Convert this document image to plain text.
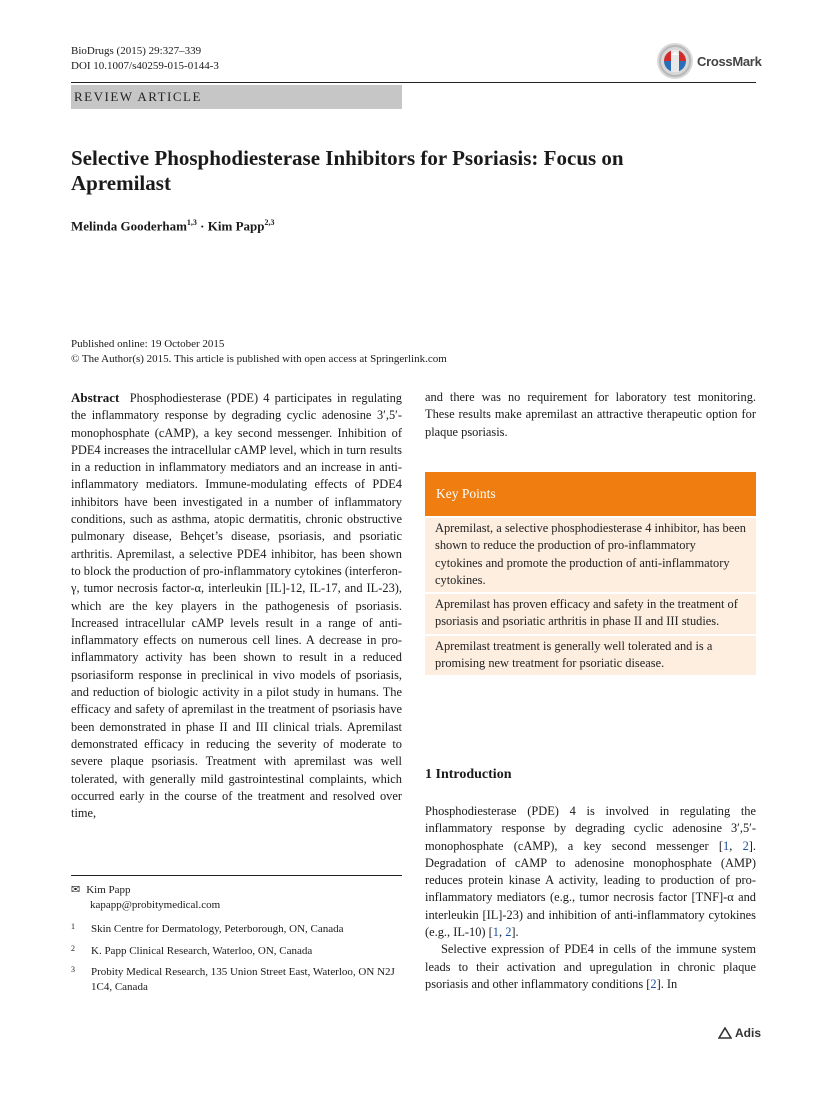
BioDrugs (2015) 29:327–339
DOI 10.1007/s40259-015-0144-3	CrossMark
REVIEW ARTICLE
Selective Phosphodiesterase Inhibitors for Psoriasis: Focus on Apremilast
Melinda Gooderham$^{1,3}$ · Kim Papp$^{2,3}$
Published online: 19 October 2015
© The Author(s) 2015. This article is published with open access at Springerlink.com

Abstract Phosphodiesterase (PDE) 4 participates in regulating the inflammatory response by degrading cyclic adenosine 3′,5′-monophosphate (cAMP), a key second messenger. Inhibition of PDE4 increases the intracellular cAMP level, which in turn results in a reduction in inflammatory mediators and an increase in anti-inflammatory mediators. Immune-modulating effects of PDE4 inhibitors have been investigated in a number of inflammatory conditions, such as asthma, atopic dermatitis, chronic obstructive pulmonary disease, Behçet’s disease, psoriasis, and psoriatic arthritis. Apremilast, a selective PDE4 inhibitor, has been shown to block the production of pro-inflammatory cytokines (interferon-γ, tumor necrosis factor-α, interleukin [IL]-12, IL-17, and IL-23), which are the key players in the pathogenesis of psoriasis. Increased intracellular cAMP levels result in a range of anti-inflammatory effects on numerous cell lines. A decrease in pro-inflammatory activity has been shown to result in a reduced psoriasiform response in preclinical in vivo models of psoriasis, and reduction of biologic activity in a pilot study in humans. The efficacy and safety of apremilast in the treatment of psoriasis have been demonstrated in phase II and III clinical trials. Apremilast demonstrated efficacy in reducing the severity of moderate to severe plaque psoriasis. Treatment with apremilast was well tolerated, with generally mild gastrointestinal complaints, which occurred early in the course of the treatment and resolved over time,

✉ Kim Papp
kapapp@probitymedical.com
1	Skin Centre for Dermatology, Peterborough, ON, Canada
2	K. Papp Clinical Research, Waterloo, ON, Canada
3	Probity Medical Research, 135 Union Street East, Waterloo, ON N2J 1C4, Canada

and there was no requirement for laboratory test monitoring. These results make apremilast an attractive therapeutic option for plaque psoriasis.

Key Points
Apremilast, a selective phosphodiesterase 4 inhibitor, has been shown to reduce the production of pro-inflammatory cytokines and promote the production of anti-inflammatory cytokines.
Apremilast has proven efficacy and safety in the treatment of psoriasis and psoriatic arthritis in phase II and III studies.
Apremilast treatment is generally well tolerated and is a promising new treatment for psoriatic disease.
1 Introduction

Phosphodiesterase (PDE) 4 is involved in regulating the inflammatory response by degrading cyclic adenosine 3′,5′-monophosphate (cAMP), a key second messenger [1, 2]. Degradation of cAMP to adenosine monophosphate (AMP) reduces protein kinase A activity, leading to production of pro-inflammatory mediators (e.g., tumor necrosis factor [TNF]-α and interleukin [IL]-23) and inhibition of anti-inflammatory cytokines (e.g., IL-10) [1, 2].

Selective expression of PDE4 in cells of the immune system leads to their activation and upregulation in chronic plaque psoriasis and other inflammatory conditions [2]. In

Adis
